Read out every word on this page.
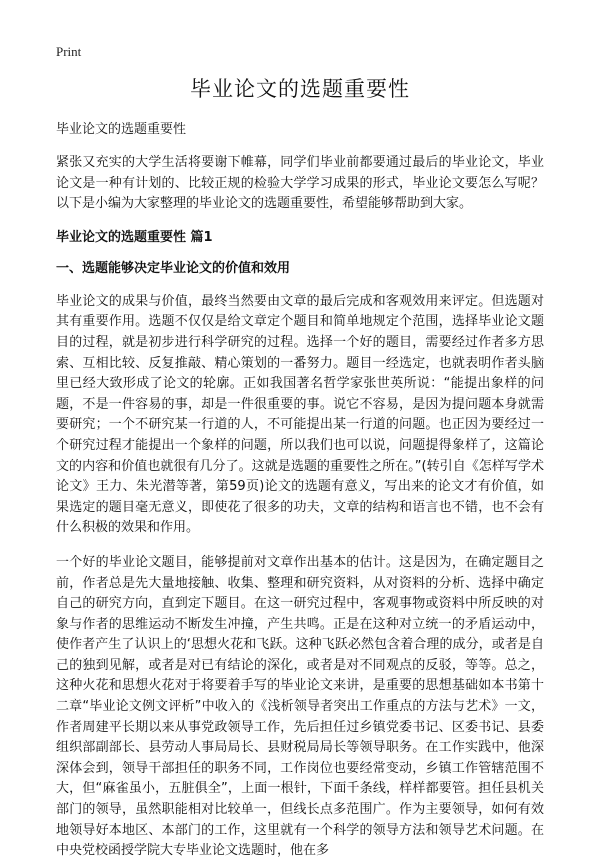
Print
毕业论文的选题重要性
毕业论文的选题重要性

紧张又充实的大学生活将要谢下帷幕，同学们毕业前都要通过最后的毕业论文，毕业论文是一种有计划的、比较正规的检验大学学习成果的形式，毕业论文要怎么写呢？以下是小编为大家整理的毕业论文的选题重要性，希望能够帮助到大家。

毕业论文的选题重要性 篇1
一、选题能够决定毕业论文的价值和效用

毕业论文的成果与价值，最终当然要由文章的最后完成和客观效用来评定。但选题对其有重要作用。选题不仅仅是给文章定个题目和简单地规定个范围，选择毕业论文题目的过程，就是初步进行科学研究的过程。选择一个好的题目，需要经过作者多方思索、互相比较、反复推敲、精心策划的一番努力。题目一经选定，也就表明作者头脑里已经大致形成了论文的轮廓。正如我国著名哲学家张世英所说：“能提出象样的问题，不是一件容易的事，却是一件很重要的事。说它不容易，是因为提问题本身就需要研究；一个不研究某一行道的人，不可能提出某一行道的问题。也正因为要经过一个研究过程才能提出一个象样的问题，所以我们也可以说，问题提得象样了，这篇论文的内容和价值也就很有几分了。这就是选题的重要性之所在。”(转引自《怎样写学术论文》王力、朱光潜等著，第59页)论文的选题有意义，写出来的论文才有价值，如果选定的题目毫无意义，即使花了很多的功夫，文章的结构和语言也不错，也不会有什么积极的效果和作用。

一个好的毕业论文题目，能够提前对文章作出基本的估计。这是因为，在确定题目之前，作者总是先大量地接触、收集、整理和研究资料，从对资料的分析、选择中确定自己的研究方向，直到定下题目。在这一研究过程中，客观事物或资料中所反映的对象与作者的思维运动不断发生冲撞，产生共鸣。正是在这种对立统一的矛盾运动中，使作者产生了认识上的‘思想火花和飞跃。这种飞跃必然包含着合理的成分，或者是自己的独到见解，或者是对已有结论的深化，或者是对不同观点的反驳，等等。总之，这种火花和思想火花对于将要着手写的毕业论文来讲，是重要的思想基础如本书第十二章“毕业论文例文评析”中收入的《浅析领导者突出工作重点的方法与艺术》一文，作者周建平长期以来从事党政领导工作，先后担任过乡镇党委书记、区委书记、县委组织部副部长、县劳动人事局局长、县财税局局长等领导职务。在工作实践中，他深深体会到，领导干部担任的职务不同，工作岗位也要经常变动，乡镇工作管辖范围不大，但“麻雀虽小，五脏俱全”，上面一根针，下面千条线，样样都要管。担任县机关部门的领导，虽然职能相对比较单一，但线长点多范围广。作为主要领导，如何有效地领导好本地区、本部门的工作，这里就有一个科学的领导方法和领导艺术问题。在中央党校函授学院大专毕业论文选题时，他在多
